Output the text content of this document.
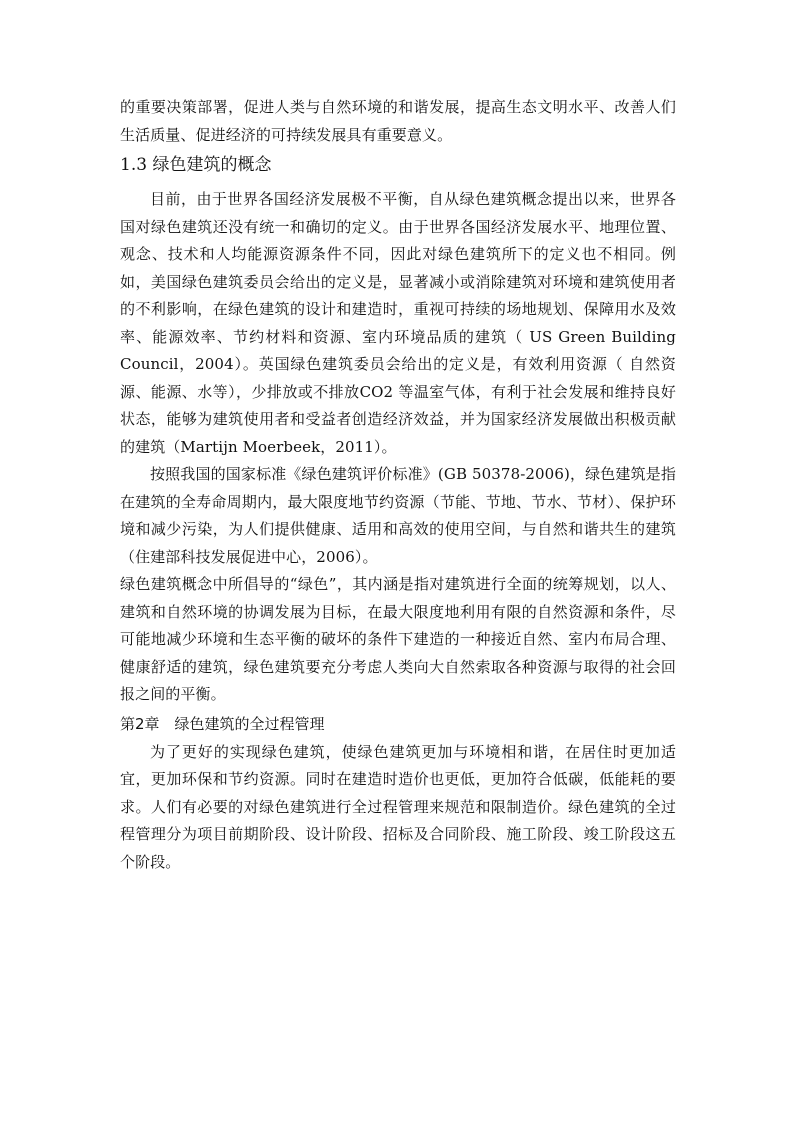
的重要决策部署，促进人类与自然环境的和谐发展，提高生态文明水平、改善人们生活质量、促进经济的可持续发展具有重要意义。

1.3 绿色建筑的概念

目前，由于世界各国经济发展极不平衡，自从绿色建筑概念提出以来，世界各国对绿色建筑还没有统一和确切的定义。由于世界各国经济发展水平、地理位置、观念、技术和人均能源资源条件不同，因此对绿色建筑所下的定义也不相同。例如，美国绿色建筑委员会给出的定义是，显著减小或消除建筑对环境和建筑使用者的不利影响，在绿色建筑的设计和建造时，重视可持续的场地规划、保障用水及效率、能源效率、节约材料和资源、室内环境品质的建筑（ US Green Building Council，2004）。英国绿色建筑委员会给出的定义是，有效利用资源（ 自然资源、能源、水等），少排放或不排放CO2 等温室气体，有利于社会发展和维持良好状态，能够为建筑使用者和受益者创造经济效益，并为国家经济发展做出积极贡献的建筑（Martijn Moerbeek，2011）。

按照我国的国家标准《绿色建筑评价标准》(GB 50378-2006)，绿色建筑是指在建筑的全寿命周期内，最大限度地节约资源（节能、节地、节水、节材）、保护环境和减少污染，为人们提供健康、适用和高效的使用空间，与自然和谐共生的建筑（住建部科技发展促进中心，2006）。

绿色建筑概念中所倡导的“绿色”，其内涵是指对建筑进行全面的统筹规划，以人、建筑和自然环境的协调发展为目标，在最大限度地利用有限的自然资源和条件，尽可能地减少环境和生态平衡的破坏的条件下建造的一种接近自然、室内布局合理、健康舒适的建筑，绿色建筑要充分考虑人类向大自然索取各种资源与取得的社会回报之间的平衡。

第2章　绿色建筑的全过程管理

为了更好的实现绿色建筑，使绿色建筑更加与环境相和谐，在居住时更加适宜，更加环保和节约资源。同时在建造时造价也更低，更加符合低碳，低能耗的要求。人们有必要的对绿色建筑进行全过程管理来规范和限制造价。绿色建筑的全过程管理分为项目前期阶段、设计阶段、招标及合同阶段、施工阶段、竣工阶段这五个阶段。
